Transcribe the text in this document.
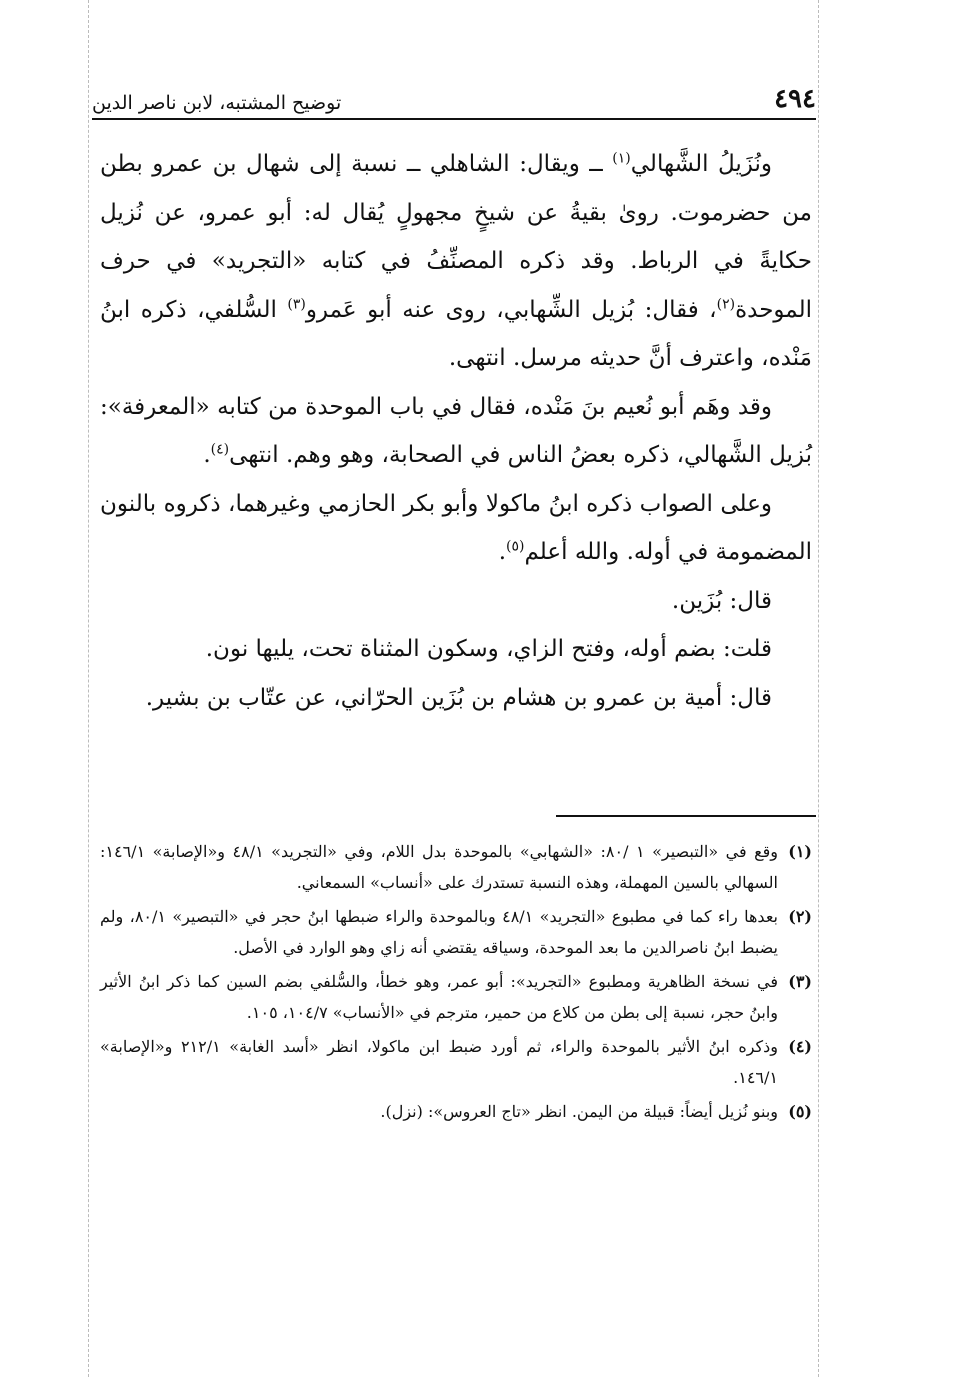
٤٩٤
توضيح المشتبه، لابن ناصر الدين

ونُزَيلُ الشَّهالي$^{(١)}$ ــ ويقال: الشاهلي ــ نسبة إلى شهال بن عمرو بطن من حضرموت. روىٰ بقيةُ عن شيخٍ مجهولٍ يُقال له: أبو عمرو، عن نُزيل حكايةً في الرباط. وقد ذكره المصنِّفُ في كتابه «التجريد» في حرف الموحدة$^{(٢)}$، فقال: بُزيل الشِّهابي، روى عنه أبو عَمرو$^{(٣)}$ السُّلفي، ذكره ابنُ مَنْده، واعترف أنَّ حديثه مرسل. انتهى.

وقد وهَم أبو نُعيم بنَ مَنْده، فقال في باب الموحدة من كتابه «المعرفة»: بُزيل الشَّهالي، ذكره بعضُ الناس في الصحابة، وهو وهم. انتهى$^{(٤)}$.

وعلى الصواب ذكره ابنُ ماكولا وأبو بكر الحازمي وغيرهما، ذكروه بالنون المضمومة في أوله. والله أعلم$^{(٥)}$.

قال: بُزَين.

قلت: بضم أوله، وفتح الزاي، وسكون المثناة تحت، يليها نون.

قال: أمية بن عمرو بن هشام بن بُزَين الحرّاني، عن عتّاب بن بشير.

(١)
وقع في «التبصير» ١ /٨٠: «الشهابي» بالموحدة بدل اللام، وفي «التجريد» ٤٨/١ و«الإصابة» ١٤٦/١: السهالي بالسين المهملة، وهذه النسبة تستدرك على «أنساب» السمعاني.
(٢)
بعدها راء كما في مطبوع «التجريد» ٤٨/١ وبالموحدة والراء ضبطها ابنُ حجر في «التبصير» ٨٠/١، ولم يضبط ابنُ ناصرالدين ما بعد الموحدة، وسياقه يقتضي أنه زاي وهو الوارد في الأصل.
(٣)
في نسخة الظاهرية ومطبوع «التجريد»: أبو عمر، وهو خطأ، والسُّلفي بضم السين كما ذكر ابنُ الأثير وابنُ حجر، نسبة إلى بطن من كلاع من حمير، مترجم في «الأنساب» ١٠٤/٧، ١٠٥.
(٤)
وذكره ابنُ الأثير بالموحدة والراء، ثم أورد ضبط ابن ماكولا، انظر «أسد الغابة» ٢١٢/١ و«الإصابة» ١٤٦/١.
(٥)
وبنو نُزيل أيضاً: قبيلة من اليمن. انظر «تاج العروس»: (نزل).
